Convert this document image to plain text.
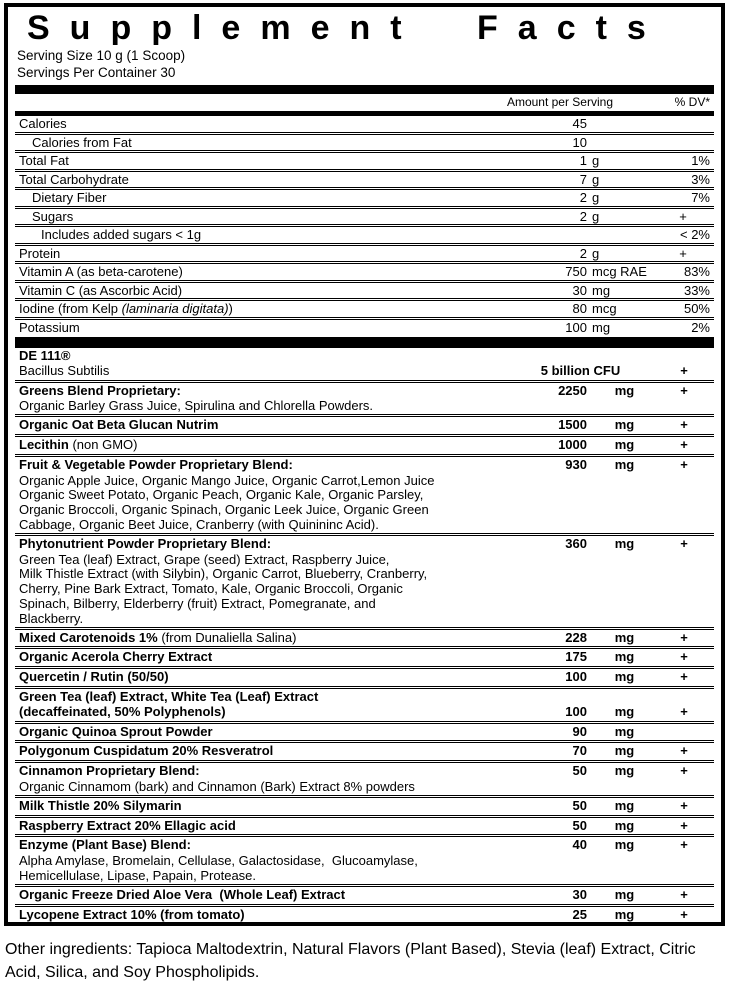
Supplement Facts
Serving Size 10 g (1 Scoop)
Servings Per Container 30
Amount per Serving	% DV*
Calories	45
Calories from Fat	10
Total Fat	1 g	1%
Total Carbohydrate	7 g	3%
Dietary Fiber	2 g	7%
Sugars	2 g	+
Includes added sugars < 1g	< 2%
Protein	2 g	+
Vitamin A (as beta-carotene)	750 mcg RAE	83%
Vitamin C (as Ascorbic Acid)	30 mg	33%
Iodine (from Kelp (laminaria digitata))	80 mcg	50%
Potassium	100 mg	2%
DE 111®
Bacillus Subtilis	5 billion CFU	+
Greens Blend Proprietary:	2250	mg	+
Organic Barley Grass Juice, Spirulina and Chlorella Powders.
Organic Oat Beta Glucan Nutrim	1500	mg	+
Lecithin (non GMO)	1000	mg	+
Fruit & Vegetable Powder Proprietary Blend:	930	mg	+
Organic Apple Juice, Organic Mango Juice, Organic Carrot,Lemon Juice
Organic Sweet Potato, Organic Peach, Organic Kale, Organic Parsley,
Organic Broccoli, Organic Spinach, Organic Leek Juice, Organic Green
Cabbage, Organic Beet Juice, Cranberry (with Quinininc Acid).
Phytonutrient Powder Proprietary Blend:	360	mg	+
Green Tea (leaf) Extract, Grape (seed) Extract, Raspberry Juice,
Milk Thistle Extract (with Silybin), Organic Carrot, Blueberry, Cranberry,
Cherry, Pine Bark Extract, Tomato, Kale, Organic Broccoli, Organic
Spinach, Bilberry, Elderberry (fruit) Extract, Pomegranate, and
Blackberry.
Mixed Carotenoids 1% (from Dunaliella Salina)	228	mg	+
Organic Acerola Cherry Extract	175	mg	+
Quercetin / Rutin (50/50)	100	mg	+
Green Tea (leaf) Extract, White Tea (Leaf) Extract
(decaffeinated, 50% Polyphenols)	100	mg	+
Organic Quinoa Sprout Powder	90	mg
Polygonum Cuspidatum 20% Resveratrol	70	mg	+
Cinnamon Proprietary Blend:	50	mg	+
Organic Cinnamom (bark) and Cinnamon (Bark) Extract 8% powders
Milk Thistle 20% Silymarin	50	mg	+
Raspberry Extract 20% Ellagic acid	50	mg	+
Enzyme (Plant Base) Blend:	40	mg	+
Alpha Amylase, Bromelain, Cellulase, Galactosidase,  Glucoamylase,
Hemicellulase, Lipase, Papain, Protease.
Organic Freeze Dried Aloe Vera  (Whole Leaf) Extract	30	mg	+
Lycopene Extract 10% (from tomato)	25	mg	+

Other ingredients: Tapioca Maltodextrin, Natural Flavors (Plant Based), Stevia (leaf) Extract, Citric Acid, Silica, and Soy Phospholipids.
